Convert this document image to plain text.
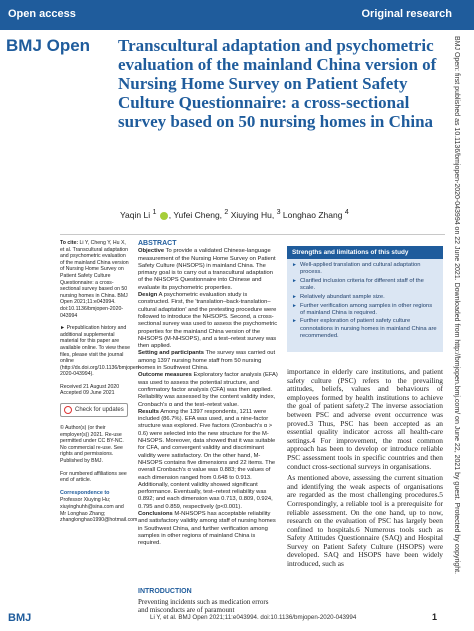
Open access	Original research
BMJ Open Transcultural adaptation and psychometric evaluation of the mainland China version of Nursing Home Survey on Patient Safety Culture Questionnaire: a cross-sectional survey based on 50 nursing homes in China
Yaqin Li $^1$ , Yufei Cheng, $^2$ Xiuying Hu, $^3$ Longhao Zhang $^4$

To cite: Li Y, Cheng Y, Hu X, et al. Transcultural adaptation and psychometric evaluation of the mainland China version of Nursing Home Survey on Patient Safety Culture Questionnaire: a cross-sectional survey based on 50 nursing homes in China. BMJ Open 2021;11:e043994. doi:10.1136/bmjopen-2020-043994

► Prepublication history and additional supplemental material for this paper are available online. To view these files, please visit the journal online (http://dx.doi.org/10.1136/bmjopen-2020-043994).

Received 21 August 2020
Accepted 09 June 2021

Check for updates

© Author(s) (or their employer(s)) 2021. Re-use permitted under CC BY-NC. No commercial re-use. See rights and permissions. Published by BMJ.

For numbered affiliations see end of article.

Correspondence to

Professor Xiuying Hu; xiuyinghuhh@sina.com and Mr Longhao Zhang; zhanglonghao1990@hotmail.com

ABSTRACT

Objective To provide a validated Chinese-language measurement of the Nursing Home Survey on Patient Safety Culture (NHSOPS) in mainland China. The primary goal is to carry out a transcultural adaptation of the NHSOPS Questionnaire into Chinese and evaluate its psychometric properties.

Design A psychometric evaluation study is constructed. First, the 'translation–back-translation–cultural adaptation' and the pretesting procedure were followed to introduce the NHSOPS. Second, a cross-sectional survey was used to assess the psychometric properties for the mainland China version of the NHSOPS (M-NHSOPS), and a test–retest survey was then applied.

Setting and participants The survey was carried out among 1397 nursing home staff from 50 nursing homes in Southwest China.

Outcome measures Exploratory factor analysis (EFA) was used to assess the potential structure, and confirmatory factor analysis (CFA) was then applied. Reliability was assessed by the content validity index, Cronbach's α and the test–retest value.

Results Among the 1397 respondents, 1211 were included (86.7%). EFA was used, and a nine-factor structure was explored. Five factors (Cronbach's α > 0.6) were selected into the new structure for the M-NHSOPS. Moreover, data showed that it was suitable for CFA, and convergent validity and discriminant validity were satisfactory. On the other hand, M-NHSOPS contains five dimensions and 22 items. The overall Cronbach's α value was 0.883; the values of each dimension ranged from 0.648 to 0.913. Additionally, content validity showed significant performance. Eventually, test–retest reliability was 0.892; and each dimension was 0.713, 0.809, 0.924, 0.795 and 0.859, respectively (p<0.001).

Conclusions M-NHSOPS has acceptable reliability and satisfactory validity among staff of nursing homes in Southwest China, and further verification among samples in other regions of mainland China is required.

INTRODUCTION
Preventing incidents such as medication errors and misconducts are of paramount
Strengths and limitations of this study
► Well-applied translation and cultural adaptation process.
► Clarified inclusion criteria for different staff of the scale.
► Relatively abundant sample size.
► Further verification among samples in other regions of mainland China is required.
► Further exploration of patient safety culture connotations in nursing homes in mainland China are recommended.

importance in elderly care institutions, and patient safety culture (PSC) refers to the prevailing attitudes, beliefs, values and behaviours of employees formed by health institutions to achieve the goal of patient safety.2 The inverse association between PSC and adverse event occurrence was proved.3 Thus, PSC has been accepted as an essential quality indicator across all health-care settings.4 For improvement, the most common approach has been to develop or introduce reliable PSC assessment tools in specific countries and then conduct cross-sectional surveys in organisations.

As mentioned above, assessing the current situation and identifying the weak aspects of organisations are regarded as the most challenging procedures.5 Correspondingly, a reliable tool is a prerequisite for reliable assessment. On the one hand, up to now, research on the evaluation of PSC has largely been confined to hospitals.6 Numerous tools such as Safety Attitudes Questionnaire (SAQ) and Hospital Survey on Patient Safety Culture (HSOPS) were developed. SAQ and HSOPS have been widely introduced, such as	BMJ Open: first published as 10.1136/bmjopen-2020-043994 on 22 June 2021. Downloaded from http://bmjopen.bmj.com/ on June 22, 2021 by guest. Protected by copyright.
BMJ	Li Y, et al. BMJ Open 2021;11:e043994. doi:10.1136/bmjopen-2020-043994	1
